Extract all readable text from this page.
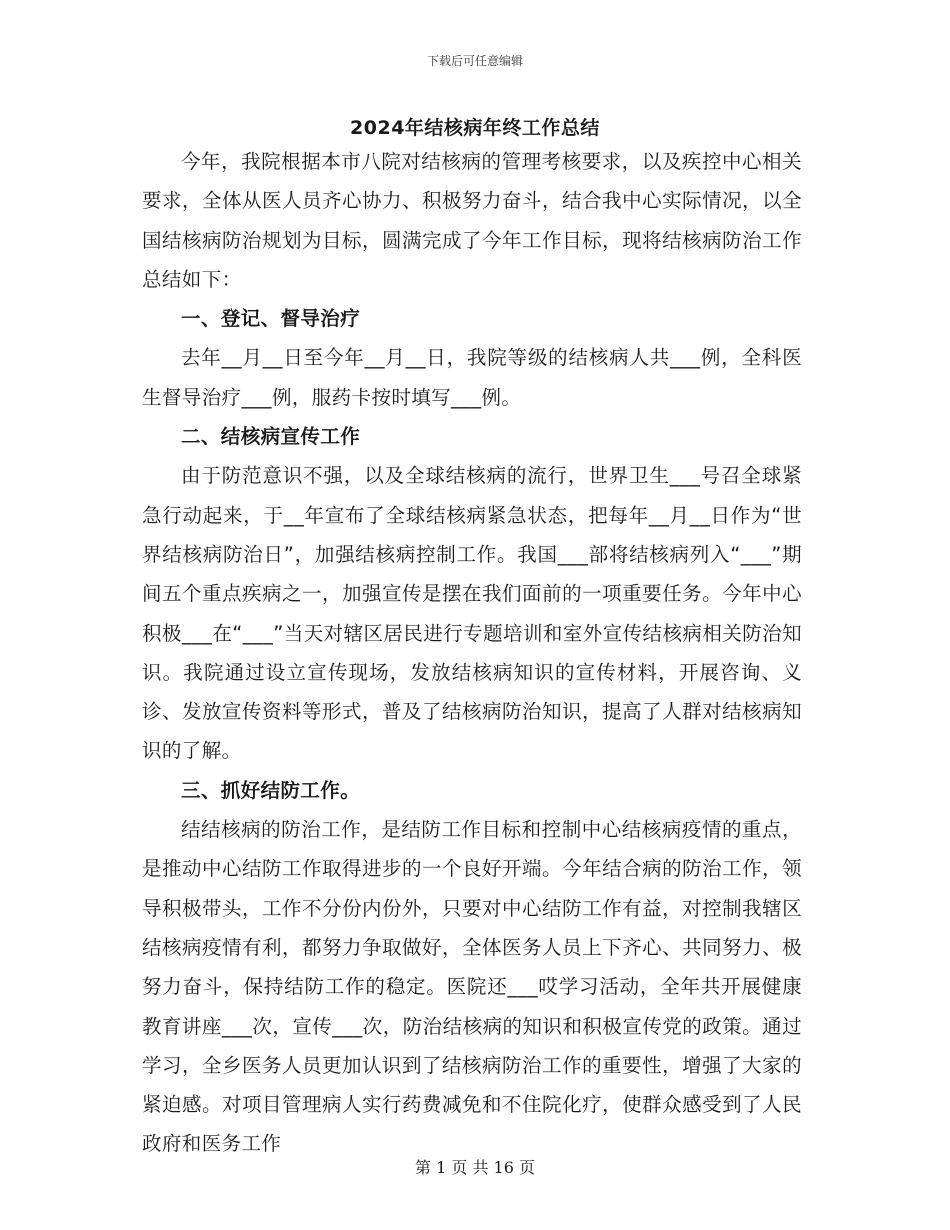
下载后可任意编辑
2024年结核病年终工作总结

今年，我院根据本市八院对结核病的管理考核要求，以及疾控中心相关要求，全体从医人员齐心协力、积极努力奋斗，结合我中心实际情况，以全国结核病防治规划为目标，圆满完成了今年工作目标，现将结核病防治工作总结如下：

一、登记、督导治疗

去年__月__日至今年__月__日，我院等级的结核病人共___例，全科医生督导治疗___例，服药卡按时填写___例。

二、结核病宣传工作

由于防范意识不强，以及全球结核病的流行，世界卫生___号召全球紧急行动起来，于__年宣布了全球结核病紧急状态，把每年__月__日作为“世界结核病防治日”，加强结核病控制工作。我国___部将结核病列入“___”期间五个重点疾病之一，加强宣传是摆在我们面前的一项重要任务。今年中心积极___在“___”当天对辖区居民进行专题培训和室外宣传结核病相关防治知识。我院通过设立宣传现场，发放结核病知识的宣传材料，开展咨询、义诊、发放宣传资料等形式，普及了结核病防治知识，提高了人群对结核病知识的了解。

三、抓好结防工作。

结结核病的防治工作，是结防工作目标和控制中心结核病疫情的重点，是推动中心结防工作取得进步的一个良好开端。今年结合病的防治工作，领导积极带头，工作不分份内份外，只要对中心结防工作有益，对控制我辖区结核病疫情有利，都努力争取做好，全体医务人员上下齐心、共同努力、极努力奋斗，保持结防工作的稳定。医院还___哎学习活动，全年共开展健康教育讲座___次，宣传___次，防治结核病的知识和积极宣传党的政策。通过学习，全乡医务人员更加认识到了结核病防治工作的重要性，增强了大家的紧迫感。对项目管理病人实行药费减免和不住院化疗，使群众感受到了人民政府和医务工作

第 1 页 共 16 页
